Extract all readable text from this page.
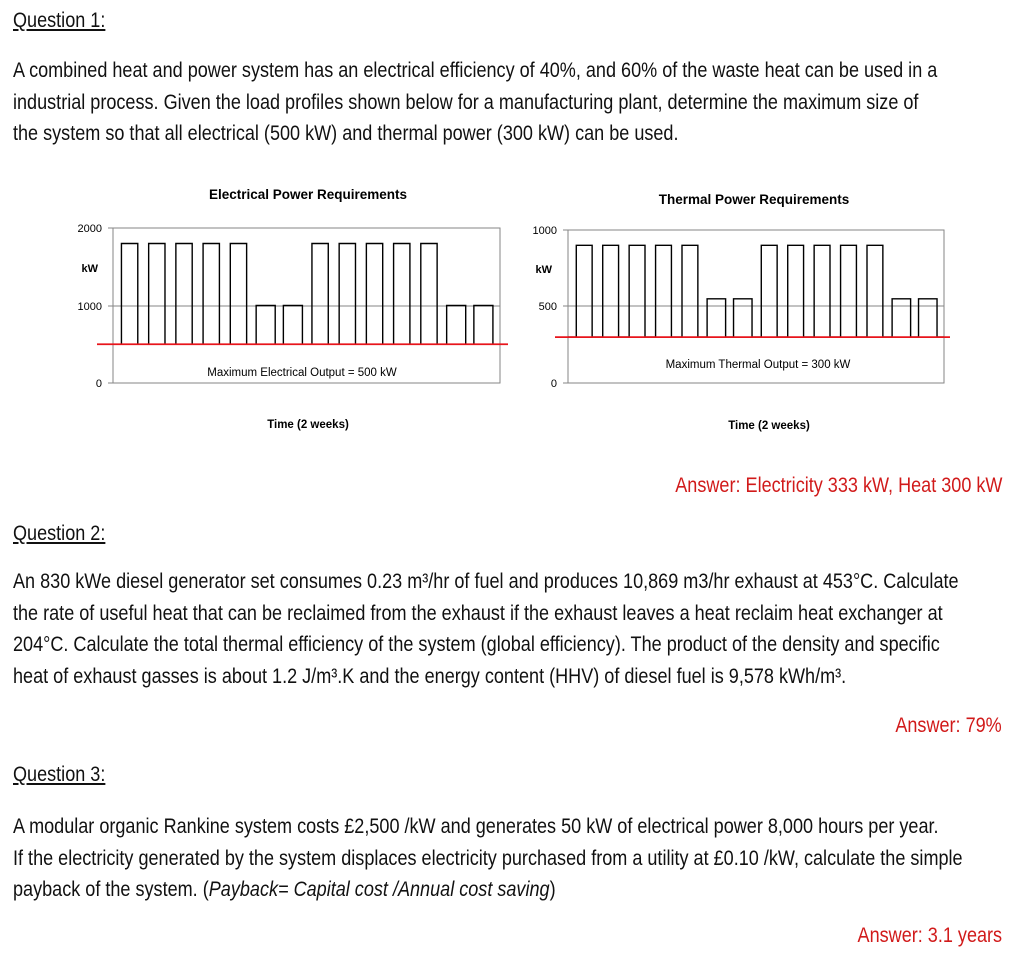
Question 1:

A combined heat and power system has an electrical efficiency of 40%, and 60% of the waste heat can be used in a

industrial process. Given the load profiles shown below for a manufacturing plant, determine the maximum size of

the system so that all electrical (500 kW) and thermal power (300 kW) can be used.

Electrical Power Requirements
2000
1000
0
kW
Maximum Electrical Output = 500 kW
Time (2 weeks)
Thermal Power Requirements
1000
500
0
kW
Maximum Thermal Output = 300 kW
Time (2 weeks)
Answer: Electricity 333 kW, Heat 300 kW
Question 2:

An 830 kWe diesel generator set consumes 0.23 m³/hr of fuel and produces 10,869 m3/hr exhaust at 453°C. Calculate

the rate of useful heat that can be reclaimed from the exhaust if the exhaust leaves a heat reclaim heat exchanger at

204°C. Calculate the total thermal efficiency of the system (global efficiency). The product of the density and specific

heat of exhaust gasses is about 1.2 J/m³.K and the energy content (HHV) of diesel fuel is 9,578 kWh/m³.

Answer: 79%
Question 3:

A modular organic Rankine system costs £2,500 /kW and generates 50 kW of electrical power 8,000 hours per year.

If the electricity generated by the system displaces electricity purchased from a utility at £0.10 /kW, calculate the simple

payback of the system. (Payback= Capital cost /Annual cost saving)

Answer: 3.1 years
